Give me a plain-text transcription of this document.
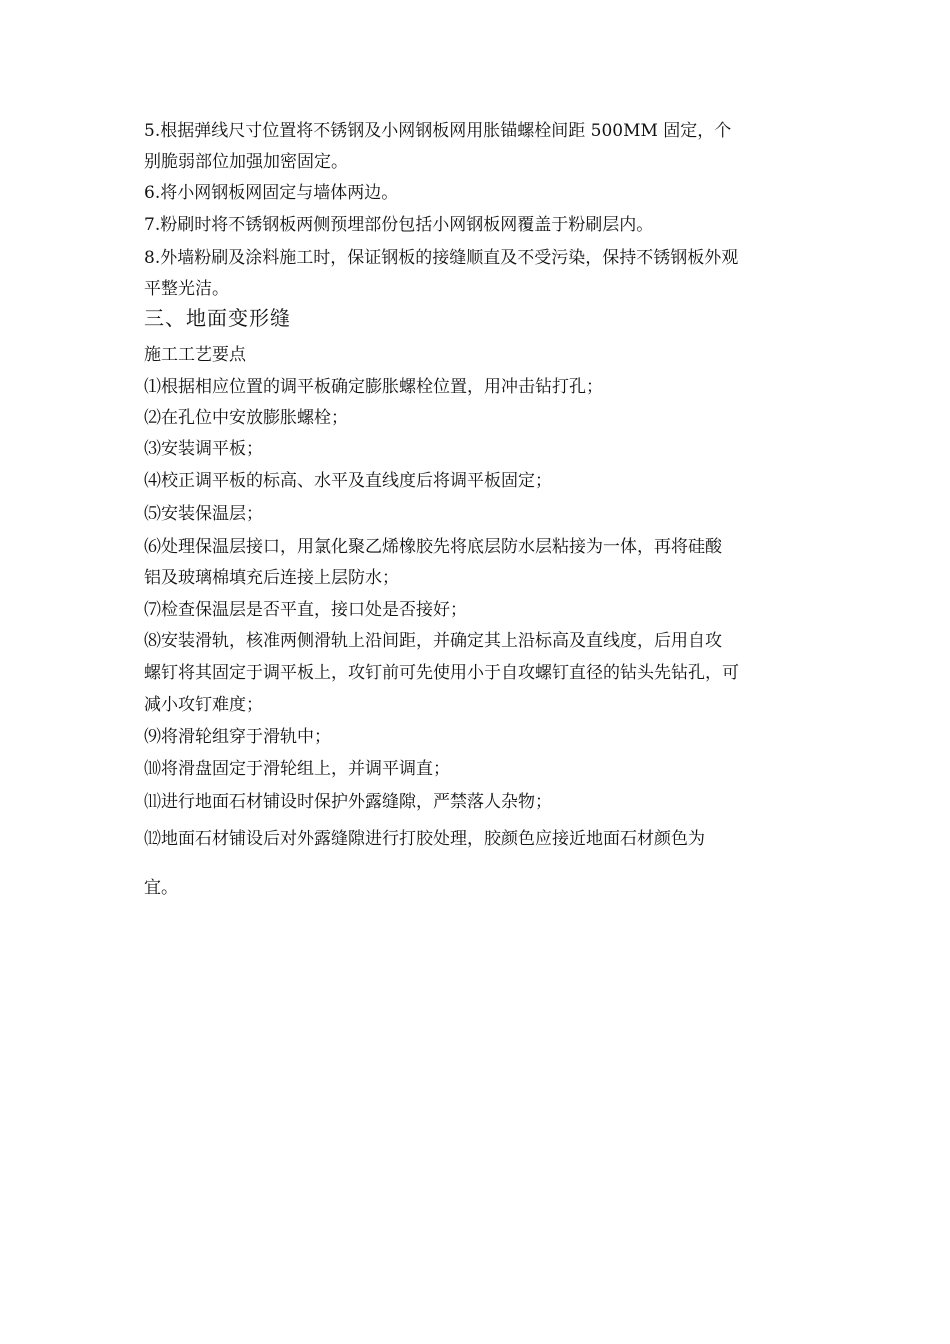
5.根据弹线尺寸位置将不锈钢及小网钢板网用胀锚螺栓间距 500MM 固定，个
别脆弱部位加强加密固定。
6.将小网钢板网固定与墙体两边。
7.粉刷时将不锈钢板两侧预埋部份包括小网钢板网覆盖于粉刷层内。
8.外墙粉刷及涂料施工时，保证钢板的接缝顺直及不受污染，保持不锈钢板外观
平整光洁。
三、地面变形缝
施工工艺要点
⑴根据相应位置的调平板确定膨胀螺栓位置，用冲击钻打孔；
⑵在孔位中安放膨胀螺栓；
⑶安装调平板；
⑷校正调平板的标高、水平及直线度后将调平板固定；
⑸安装保温层；
⑹处理保温层接口，用氯化聚乙烯橡胶先将底层防水层粘接为一体，再将硅酸
铝及玻璃棉填充后连接上层防水；
⑺检查保温层是否平直，接口处是否接好；
⑻安装滑轨，核准两侧滑轨上沿间距，并确定其上沿标高及直线度，后用自攻
螺钉将其固定于调平板上，攻钉前可先使用小于自攻螺钉直径的钻头先钻孔，可
减小攻钉难度；
⑼将滑轮组穿于滑轨中；
⑽将滑盘固定于滑轮组上，并调平调直；
⑾进行地面石材铺设时保护外露缝隙，严禁落人杂物；
⑿地面石材铺设后对外露缝隙进行打胶处理，胶颜色应接近地面石材颜色为
宜。
